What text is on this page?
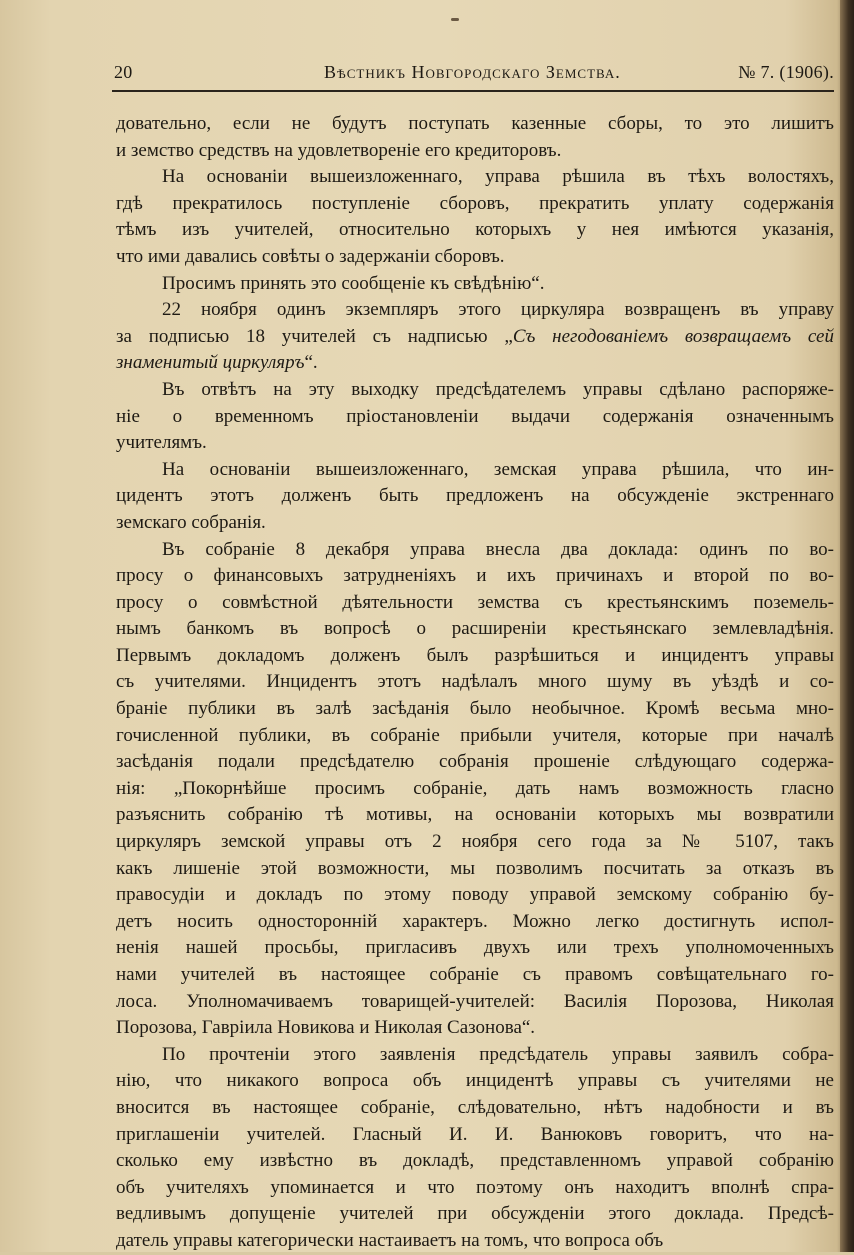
20	Вѣстникъ Новгородскаго Земства.	№ 7. (1906).

довательно, если не будутъ поступать казенные сборы, то это лишитъ
и земство средствъ на удовлетвореніе его кредиторовъ.

На основаніи вышеизложеннаго, управа рѣшила въ тѣхъ волостяхъ,
гдѣ прекратилось поступленіе сборовъ, прекратить уплату содержанія
тѣмъ изъ учителей, относительно которыхъ у нея имѣются указанія,
что ими давались совѣты о задержаніи сборовъ.

Просимъ принять это сообщеніе къ свѣдѣнію“.

22 ноября одинъ экземпляръ этого циркуляра возвращенъ въ управу
за подписью 18 учителей съ надписью „Съ негодованіемъ возвращаемъ сей
знаменитый циркуляръ“.

Въ отвѣтъ на эту выходку предсѣдателемъ управы сдѣлано распоряже-
ніе о временномъ пріостановленіи выдачи содержанія означеннымъ
учителямъ.

На основаніи вышеизложеннаго, земская управа рѣшила, что ин-
цидентъ этотъ долженъ быть предложенъ на обсужденіе экстреннаго
земскаго собранія.

Въ собраніе 8 декабря управа внесла два доклада: одинъ по во-
просу о финансовыхъ затрудненіяхъ и ихъ причинахъ и второй по во-
просу о совмѣстной дѣятельности земства съ крестьянскимъ поземель-
нымъ банкомъ въ вопросѣ о расширеніи крестьянскаго землевладѣнія.
Первымъ докладомъ долженъ былъ разрѣшиться и инцидентъ управы
съ учителями. Инцидентъ этотъ надѣлалъ много шуму въ уѣздѣ и со-
браніе публики въ залѣ засѣданія было необычное. Кромѣ весьма мно-
гочисленной публики, въ собраніе прибыли учителя, которые при началѣ
засѣданія подали предсѣдателю собранія прошеніе слѣдующаго содержа-
нія: „Покорнѣйше просимъ собраніе, дать намъ возможность гласно
разъяснить собранію тѣ мотивы, на основаніи которыхъ мы возвратили
циркуляръ земской управы отъ 2 ноября сего года за № 5107, такъ
какъ лишеніе этой возможности, мы позволимъ посчитать за отказъ въ
правосудіи и докладъ по этому поводу управой земскому собранію бу-
детъ носить односторонній характеръ. Можно легко достигнуть испол-
ненія нашей просьбы, пригласивъ двухъ или трехъ уполномоченныхъ
нами учителей въ настоящее собраніе съ правомъ совѣщательнаго го-
лоса. Уполномачиваемъ товарищей-учителей: Василія Порозова, Николая
Порозова, Гавріила Новикова и Николая Сазонова“.

По прочтеніи этого заявленія предсѣдатель управы заявилъ собра-
нію, что никакого вопроса объ инцидентѣ управы съ учителями не
вносится въ настоящее собраніе, слѣдовательно, нѣтъ надобности и въ
приглашеніи учителей. Гласный И. И. Ванюковъ говоритъ, что на-
сколько ему извѣстно въ докладѣ, представленномъ управой собранію
объ учителяхъ упоминается и что поэтому онъ находитъ вполнѣ спра-
ведливымъ допущеніе учителей при обсужденіи этого доклада. Предсѣ-
датель управы категорически настаиваетъ на томъ, что вопроса объ
